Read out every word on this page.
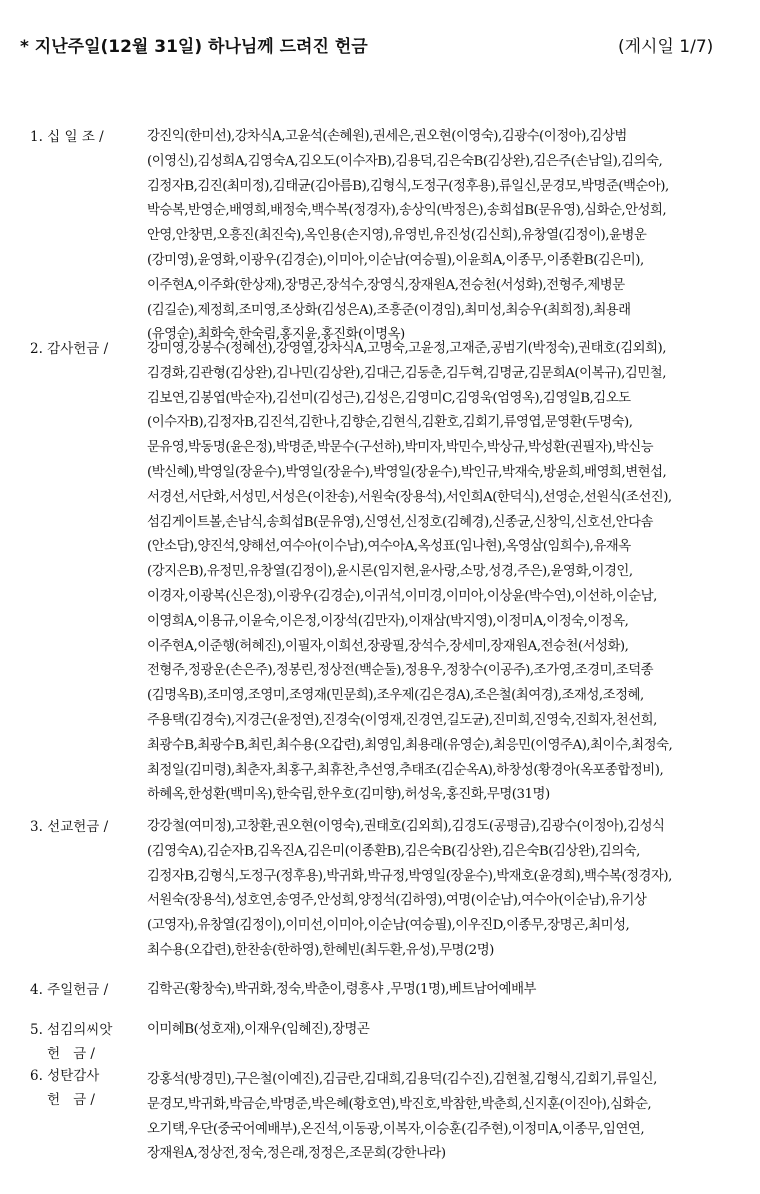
* 지난주일(12월 31일) 하나님께 드려진 헌금	(게시일 1/7)
1. 십 일 조 /	강진익(한미선),강차식A,고윤석(손혜원),권세은,권오현(이영숙),김광수(이정아),김상범
(이영신),김성희A,김영숙A,김오도(이수자B),김용덕,김은숙B(김상완),김은주(손남일),김의숙,
김정자B,김진(최미정),김태균(김아름B),김형식,도정구(정후용),류일신,문경모,박명준(백순아),
박승복,반영순,배영희,배정숙,백수복(정경자),송상익(박정은),송희섭B(문유영),심화순,안성희,
안영,안창면,오흥진(최진숙),옥인용(손지영),유영빈,유진성(김신희),유창열(김정이),윤병운
(강미영),윤영화,이광우(김경순),이미아,이순남(여승필),이윤희A,이종무,이종환B(김은미),
이주현A,이주화(한상재),장명곤,장석수,장영식,장재원A,전승천(서성화),전형주,제병문
(김길순),제정희,조미영,조상화(김성은A),조흥준(이경임),최미성,최승우(최희정),최용래
(유영순),최화숙,한숙림,홍지윤,홍진화(이명옥)
2. 감사헌금 /	강미영,강봉수(정혜선),강영열,강차식A,고명숙,고윤정,고재준,공범기(박정숙),권태호(김외희),
김경화,김관형(김상완),김나민(김상완),김대근,김동춘,김두혁,김명균,김문희A(이복규),김민철,
김보연,김봉엽(박순자),김선미(김성근),김성은,김영미C,김영욱(엄영옥),김영일B,김오도
(이수자B),김정자B,김진석,김한나,김향순,김현식,김환호,김회기,류영엽,문영환(두명숙),
문유영,박동명(윤은정),박명준,박문수(구선하),박미자,박민수,박상규,박성환(권필자),박신능
(박신혜),박영일(장윤수),박영일(장윤수),박영일(장윤수),박인규,박재숙,방윤희,배영희,변현섭,
서경선,서단화,서성민,서성은(이찬송),서원숙(장용석),서인희A(한덕식),선영순,선원식(조선진),
섬김게이트볼,손남식,송희섭B(문유영),신영선,신정호(김혜경),신종균,신창익,신호선,안다솜
(안소담),양진석,양해선,여수아(이수남),여수아A,옥성표(임나현),옥영삼(임희수),유재옥
(강지은B),유정민,유창열(김정이),윤시론(임지현,윤사랑,소망,성경,주은),윤영화,이경인,
이경자,이광복(신은정),이광우(김경순),이귀석,이미경,이미아,이상윤(박수연),이선하,이순남,
이영희A,이용규,이윤숙,이은정,이장석(김만자),이재삼(박지영),이정미A,이정숙,이정옥,
이주현A,이준행(허혜진),이필자,이희선,장광필,장석수,장세미,장재원A,전승천(서성화),
전형주,정광운(손은주),정봉린,정상전(백순둘),정용우,정창수(이공주),조가영,조경미,조덕종
(김명옥B),조미영,조영미,조영재(민문희),조우제(김은경A),조은철(최여경),조재성,조정혜,
주용택(김경숙),지경근(윤정연),진경숙(이영재,진경연,길도균),진미희,진영숙,진희자,천선희,
최광수B,최광수B,최린,최수용(오갑련),최영임,최용래(유영순),최응민(이영주A),최이수,최정숙,
최정일(김미령),최춘자,최홍구,최휴찬,추선영,추태조(김순옥A),하창성(황경아(옥포종합정비),
하혜옥,한성환(백미옥),한숙림,한우호(김미향),허성욱,홍진화,무명(31명)
3. 선교헌금 /	강강철(여미정),고창환,권오현(이영숙),권태호(김외희),김경도(공평금),김광수(이정아),김성식
(김영숙A),김순자B,김옥진A,김은미(이종환B),김은숙B(김상완),김은숙B(김상완),김의숙,
김정자B,김형식,도정구(정후용),박귀화,박규정,박영일(장윤수),박재호(윤경희),백수복(정경자),
서원숙(장용석),성호연,송영주,안성희,양정석(김하영),여명(이순남),여수아(이순남),유기상
(고영자),유창열(김정이),이미선,이미아,이순남(여승필),이우진D,이종무,장명곤,최미성,
최수용(오갑련),한찬송(한하영),한혜빈(최두환,유성),무명(2명)
4. 주일헌금 /	김학곤(황창숙),박귀화,정숙,박춘이,령흥샤 ,무명(1명),베트남어예배부
5. 섬김의씨앗
헌   금 /
이미혜B(성호재),이재우(임혜진),장명곤
6. 성탄감사
헌   금 /
강홍석(방경민),구은철(이예진),김금란,김대희,김용덕(김수진),김현철,김형식,김회기,류일신,
문경모,박귀화,박금순,박명준,박은혜(황호연),박진호,박참한,박춘희,신지훈(이진아),심화순,
오기택,우단(중국어예배부),온진석,이동광,이복자,이승훈(김주현),이정미A,이종무,임연연,
장재원A,정상전,정숙,정은래,정정은,조문희(강한나라)
